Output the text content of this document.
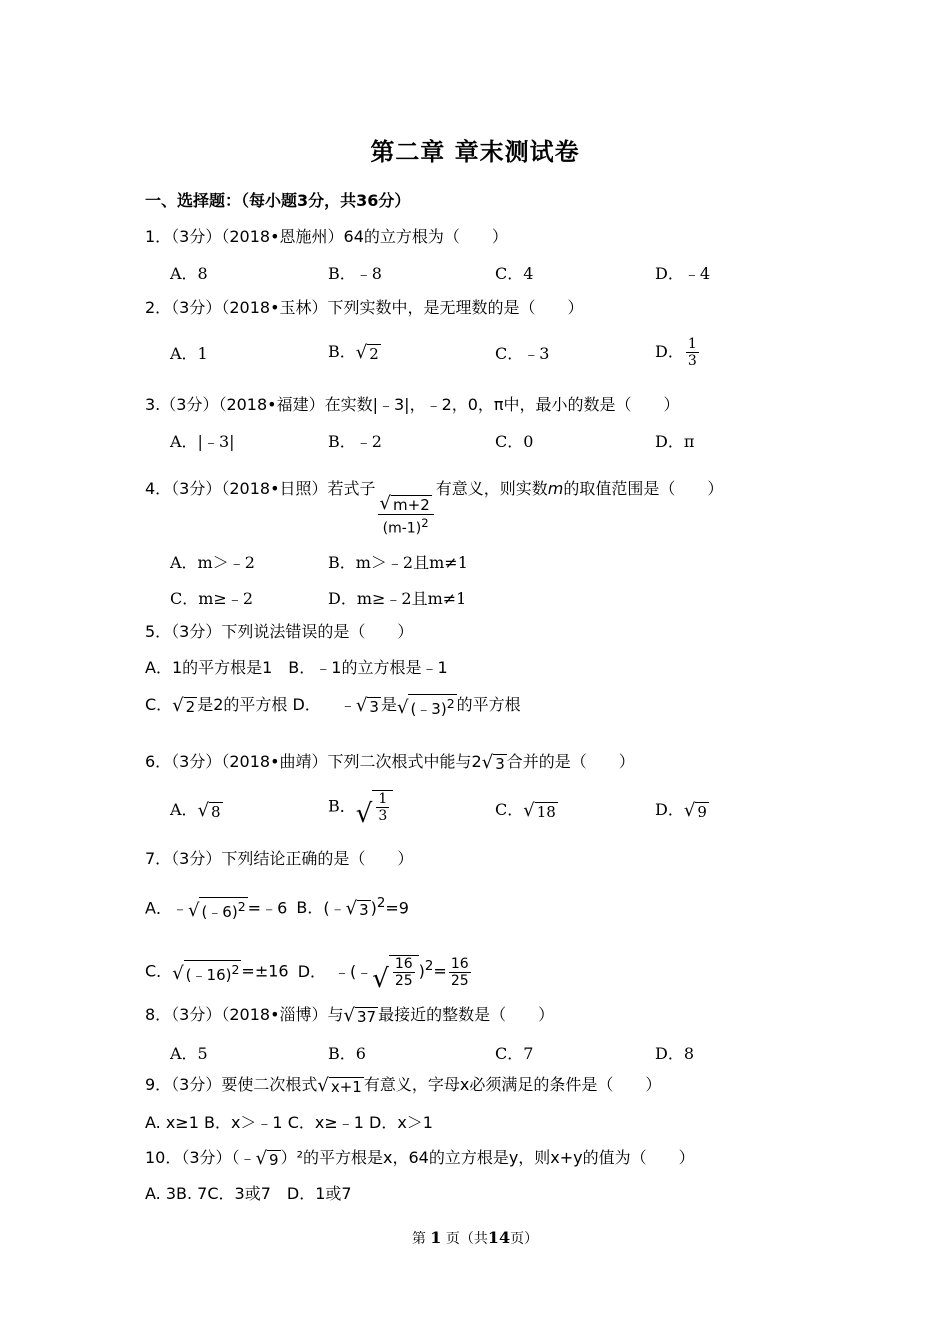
第二章 章末测试卷
一、选择题：（每小题3分，共36分）
1．（3分）（2018•恩施州）64的立方根为（　　）
A．8	B．﹣8	C．4	D．﹣4
2．（3分）（2018•玉林）下列实数中，是无理数的是（　　）
A．1	B． √ 2	C．﹣3	D． $\frac{1}{3}$
3.（3分）（2018•福建）在实数|﹣3|，﹣2，0，π中，最小的数是（　　）
A．|﹣3|	B．﹣2	C．0	D．π
4．（3分）（2018•日照）若式子
$\frac{√ m+2}{(m-1)^2}$
有意义，则实数m的取值范围是（　　）
A．m＞﹣2	B．m＞﹣2且m≠1
C．m≥﹣2	D．m≥﹣2且m≠1
5．（3分）下列说法错误的是（　　）
A．1的平方根是1　B．﹣1的立方根是﹣1
C． √ 2 是2的平方根 D． ﹣ √ 3 是 √ (﹣3)$^2$ 的平方根
6．（3分）（2018•曲靖）下列二次根式中能与2 √ 3 合并的是（　　）
A． √ 8	B． √ $\frac{1}{3}$	C． √ 18	D． √ 9
7．（3分）下列结论正确的是（　　）
A．﹣ √ (﹣6)$^2$ =﹣6 B．(﹣ √ 3 )$^2$=9
C． √ (﹣16)$^2$ =±16 D． ﹣(﹣ √ $\frac{16}{25} )^2= \frac{16}{25}$
8．（3分）（2018•淄博）与 √ 37 最接近的整数是（　　）
A．5	B．6	C．7	D．8
9．（3分）要使二次根式 √ x+1 有意义，字母x必须满足的条件是（　　）
A. x≥1 B．x＞﹣1 C．x≥﹣1 D．x＞1
10．（3分）（﹣ √ 9 ）²的平方根是x，64的立方根是y，则x+y的值为（　　）
A. 3B. 7C．3或7　D．1或7
第 1 页（共14页）
